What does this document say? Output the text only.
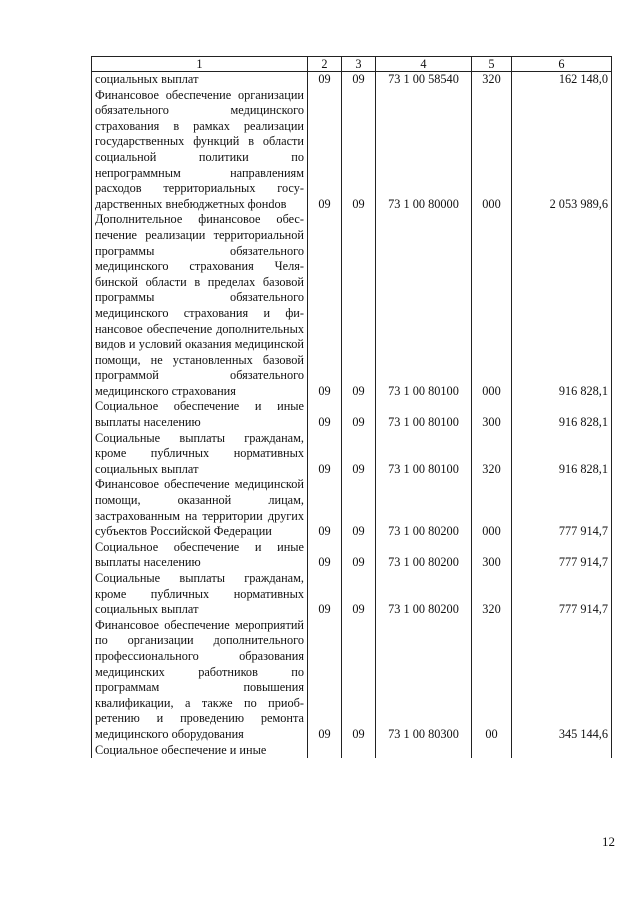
1	2	3	4	5	6
социальных выплат	09	09	73 1 00 58540	320	162 148,0
Финансовое обеспечение организации обязательного медицинского страхования в рамках реализации государственных функций в области социальной политики по непрограммным направлениям расходов территориальных государственных внебюджетных фонdов	09	09	73 1 00 80000	000	2 053 989,6
Дополнительное финансовое обеспечение реализации территориальной программы обязательного медицинского страхования Челябинской области в пределах базовой программы обязательного медицинского страхования и финансовое обеспечение дополнительных видов и условий оказания медицинской помощи, не установленных базовой программой обязательного медицинского страхования	09	09	73 1 00 80100	000	916 828,1
Социальное обеспечение и иные выплаты населению	09	09	73 1 00 80100	300	916 828,1
Социальные выплаты гражданам, кроме публичных нормативных социальных выплат	09	09	73 1 00 80100	320	916 828,1
Финансовое обеспечение медицинской помощи, оказанной лицам, застрахованным на территории других субъектов Российской Федерации	09	09	73 1 00 80200	000	777 914,7
Социальное обеспечение и иные выплаты населению	09	09	73 1 00 80200	300	777 914,7
Социальные выплаты гражданам, кроме публичных нормативных социальных выплат	09	09	73 1 00 80200	320	777 914,7
Финансовое обеспечение мероприятий по организации дополнительного профессионального образования медицинских работников по программам повышения квалификации, а также по приобретению и проведению ремонта медицинского оборудования	09	09	73 1 00 80300	00	345 144,6
Социальное обеспечение и иные					
12
